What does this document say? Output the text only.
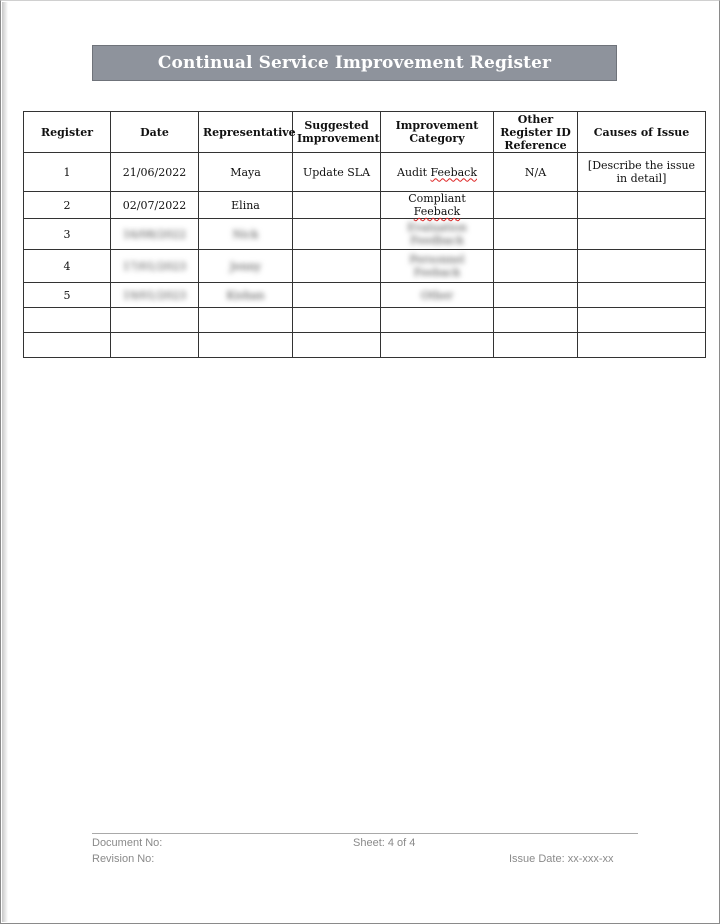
Continual Service Improvement Register
Register	Date	Representative	Suggested Improvement	Improvement Category	Other Register ID Reference	Causes of Issue
1	21/06/2022	Maya	Update SLA	Audit Feeback	N/A	[Describe the issue in detail]
2	02/07/2022	Elina		Compliant Feeback		
3	16/08/2022	Nick		Evaluation Feedback		
4	17/01/2023	Jenny		Personnel Feeback		
5	19/01/2023	Kishan		Other		

Document No:	Sheet: 4 of 4
Revision No:	Issue Date: xx-xxx-xx
